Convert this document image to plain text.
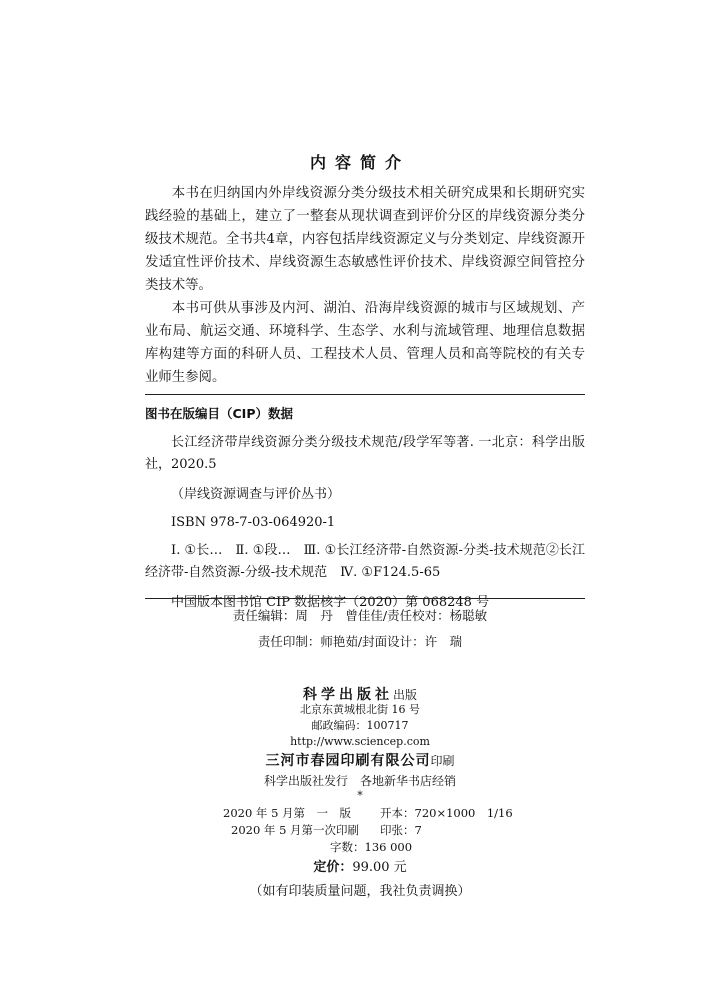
内容简介

本书在归纳国内外岸线资源分类分级技术相关研究成果和长期研究实践经验的基础上，建立了一整套从现状调查到评价分区的岸线资源分类分级技术规范。全书共4章，内容包括岸线资源定义与分类划定、岸线资源开发适宜性评价技术、岸线资源生态敏感性评价技术、岸线资源空间管控分类技术等。

本书可供从事涉及内河、湖泊、沿海岸线资源的城市与区域规划、产业布局、航运交通、环境科学、生态学、水利与流域管理、地理信息数据库构建等方面的科研人员、工程技术人员、管理人员和高等院校的有关专业师生参阅。

图书在版编目（CIP）数据

长江经济带岸线资源分类分级技术规范/段学军等著. 一北京：科学出版社，2020.5

（岸线资源调查与评价丛书）

ISBN 978-7-03-064920-1

Ⅰ. ①长…　Ⅱ. ①段…　Ⅲ. ①长江经济带-自然资源-分类-技术规范②长江经济带-自然资源-分级-技术规范　Ⅳ. ①F124.5-65

中国版本图书馆 CIP 数据核字（2020）第 068248 号

责任编辑：周　丹　曾佳佳/责任校对：杨聪敏
责任印制：师艳茹/封面设计：许　瑞
科学出版社出版
北京东黄城根北街 16 号
邮政编码：100717
http://www.sciencep.com
三河市春园印刷有限公司印刷
科学出版社发行　各地新华书店经销
*
2020 年 5 月第　一　版	开本：720×1000　1/16
2020 年 5 月第一次印刷 印张：7
字数：136 000
定价：99.00 元
（如有印装质量问题，我社负责调换）
